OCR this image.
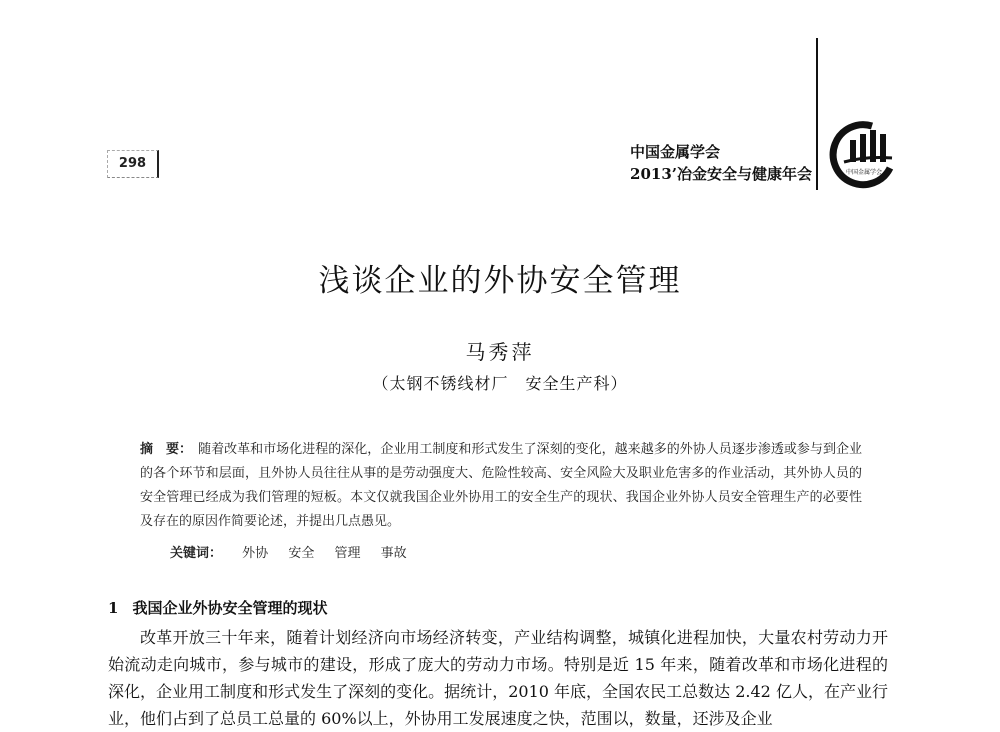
298
中国金属学会
2013’冶金安全与健康年会	中国金属学会
浅谈企业的外协安全管理
马秀萍
（太钢不锈线材厂　安全生产科）
摘　要： 随着改革和市场化进程的深化，企业用工制度和形式发生了深刻的变化，越来越多的外协人员逐步渗透或参与到企业的各个环节和层面，且外协人员往往从事的是劳动强度大、危险性较高、安全风险大及职业危害多的作业活动，其外协人员的安全管理已经成为我们管理的短板。本文仅就我国企业外协用工的安全生产的现状、我国企业外协人员安全管理生产的必要性及存在的原因作简要论述，并提出几点愚见。
关键词： 外协 安全 管理 事故
1 我国企业外协安全管理的现状
改革开放三十年来，随着计划经济向市场经济转变，产业结构调整，城镇化进程加快，大量农村劳动力开始流动走向城市，参与城市的建设，形成了庞大的劳动力市场。特别是近 15 年来，随着改革和市场化进程的深化，企业用工制度和形式发生了深刻的变化。据统计，2010 年底，全国农民工总数达 2.42 亿人，在产业行业，他们占到了总员工总量的 60%以上，外协用工发展速度之快，范围以，数量，还涉及企业
